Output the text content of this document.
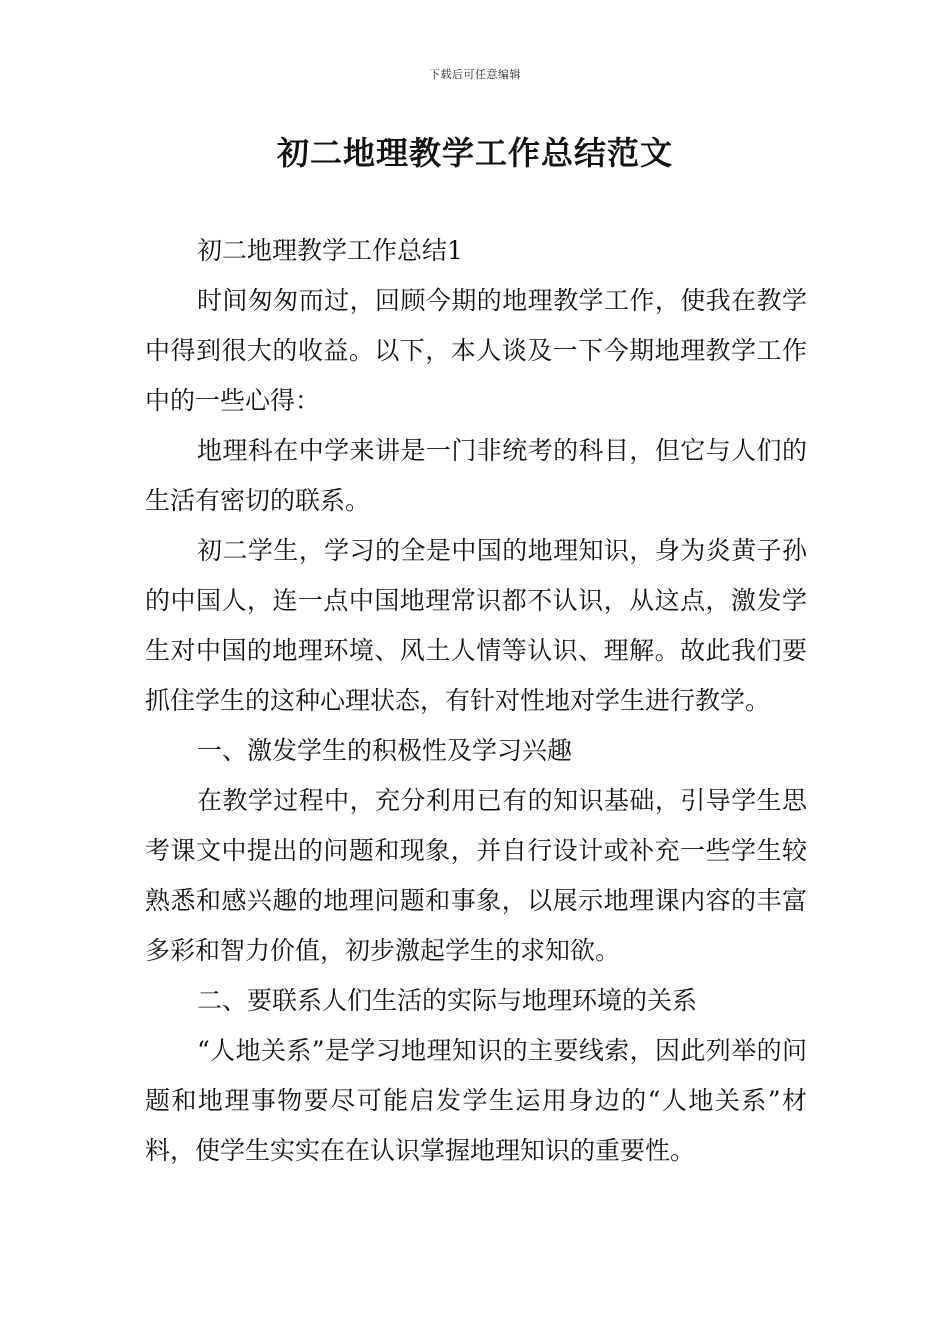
下载后可任意编辑
初二地理教学工作总结范文

初二地理教学工作总结1

时间匆匆而过，回顾今期的地理教学工作，使我在教学中得到很大的收益。以下，本人谈及一下今期地理教学工作中的一些心得：

地理科在中学来讲是一门非统考的科目，但它与人们的生活有密切的联系。

初二学生，学习的全是中国的地理知识，身为炎黄子孙的中国人，连一点中国地理常识都不认识，从这点，激发学生对中国的地理环境、风土人情等认识、理解。故此我们要抓住学生的这种心理状态，有针对性地对学生进行教学。

一、激发学生的积极性及学习兴趣

在教学过程中，充分利用已有的知识基础，引导学生思考课文中提出的问题和现象，并自行设计或补充一些学生较熟悉和感兴趣的地理问题和事象，以展示地理课内容的丰富多彩和智力价值，初步激起学生的求知欲。

二、要联系人们生活的实际与地理环境的关系

“人地关系”是学习地理知识的主要线索，因此列举的问题和地理事物要尽可能启发学生运用身边的“人地关系”材料，使学生实实在在认识掌握地理知识的重要性。
